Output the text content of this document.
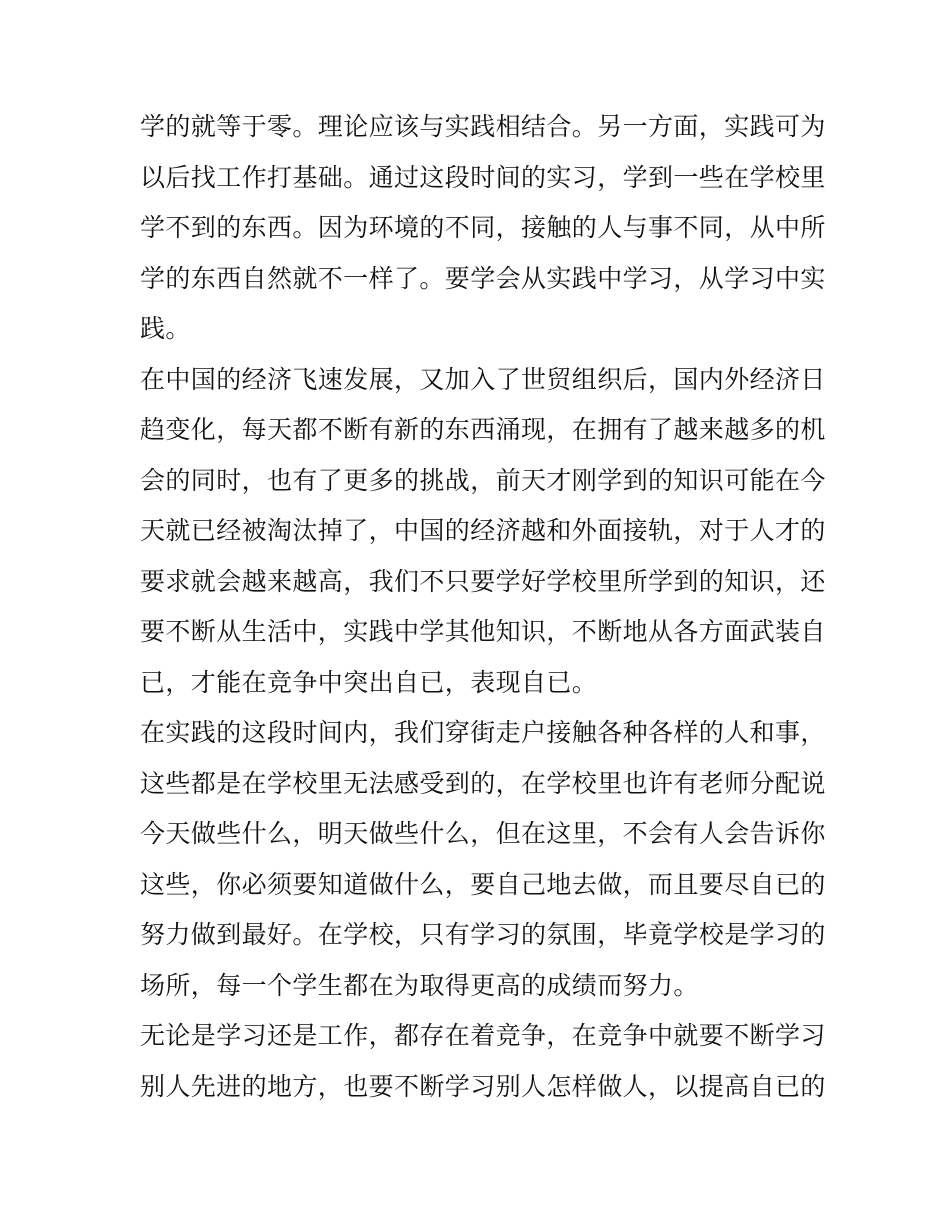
学的就等于零。理论应该与实践相结合。另一方面，实践可为
以后找工作打基础。通过这段时间的实习，学到一些在学校里
学不到的东西。因为环境的不同，接触的人与事不同，从中所
学的东西自然就不一样了。要学会从实践中学习，从学习中实
践。
在中国的经济飞速发展，又加入了世贸组织后，国内外经济日
趋变化，每天都不断有新的东西涌现，在拥有了越来越多的机
会的同时，也有了更多的挑战，前天才刚学到的知识可能在今
天就已经被淘汰掉了，中国的经济越和外面接轨，对于人才的
要求就会越来越高，我们不只要学好学校里所学到的知识，还
要不断从生活中，实践中学其他知识，不断地从各方面武装自
已，才能在竞争中突出自已，表现自已。
在实践的这段时间内，我们穿街走户接触各种各样的人和事，
这些都是在学校里无法感受到的，在学校里也许有老师分配说
今天做些什么，明天做些什么，但在这里，不会有人会告诉你
这些，你必须要知道做什么，要自己地去做，而且要尽自已的
努力做到最好。在学校，只有学习的氛围，毕竟学校是学习的
场所，每一个学生都在为取得更高的成绩而努力。
无论是学习还是工作，都存在着竞争，在竞争中就要不断学习
别人先进的地方，也要不断学习别人怎样做人，以提高自已的
